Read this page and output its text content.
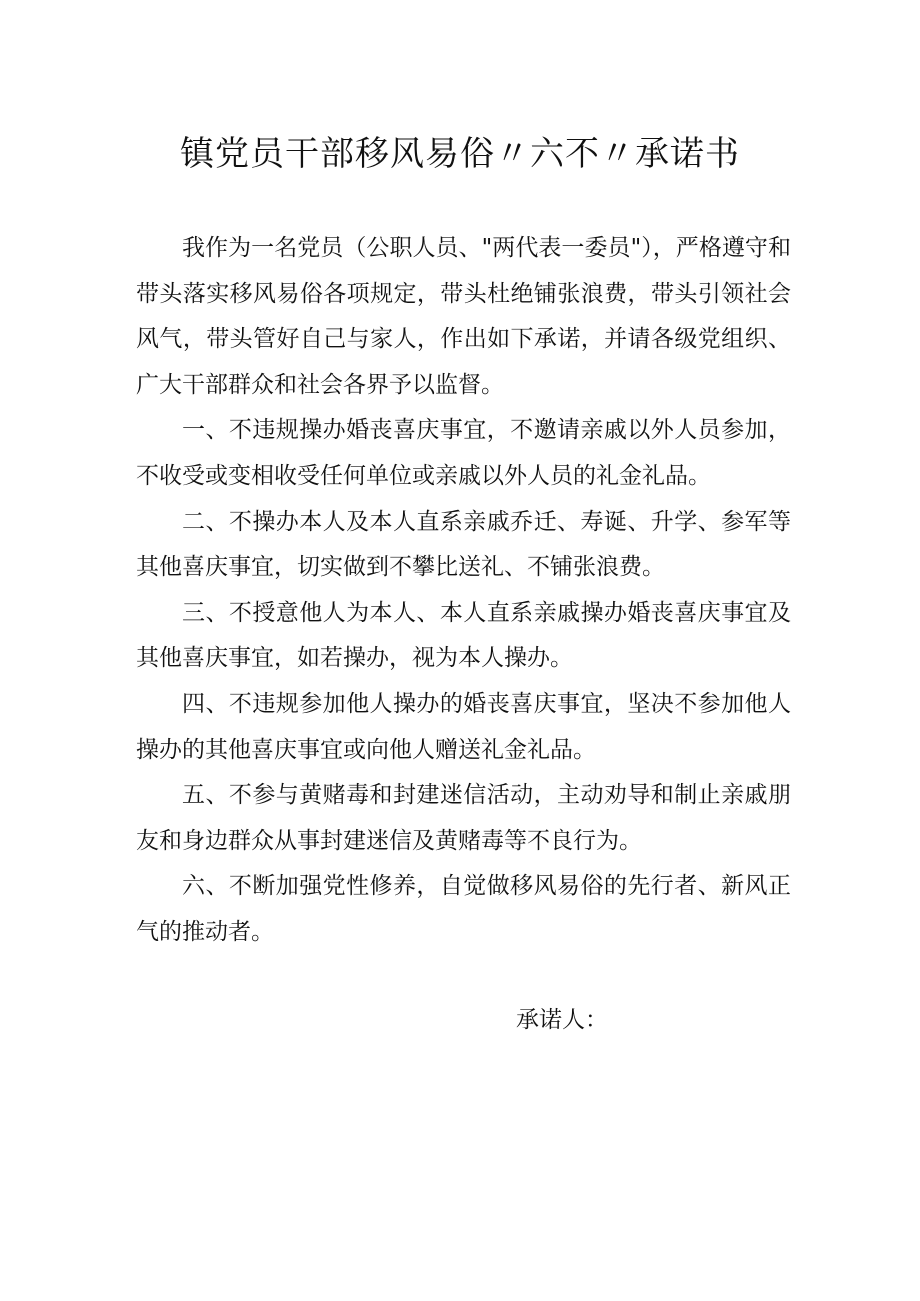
镇党员干部移风易俗〃六不〃承诺书

我作为一名党员（公职人员、"两代表一委员"），严格遵守和带头落实移风易俗各项规定，带头杜绝铺张浪费，带头引领社会风气，带头管好自己与家人，作出如下承诺，并请各级党组织、广大干部群众和社会各界予以监督。

一、不违规操办婚丧喜庆事宜，不邀请亲戚以外人员参加，不收受或变相收受任何单位或亲戚以外人员的礼金礼品。

二、不操办本人及本人直系亲戚乔迁、寿诞、升学、参军等其他喜庆事宜，切实做到不攀比送礼、不铺张浪费。

三、不授意他人为本人、本人直系亲戚操办婚丧喜庆事宜及其他喜庆事宜，如若操办，视为本人操办。

四、不违规参加他人操办的婚丧喜庆事宜，坚决不参加他人操办的其他喜庆事宜或向他人赠送礼金礼品。

五、不参与黄赌毒和封建迷信活动，主动劝导和制止亲戚朋友和身边群众从事封建迷信及黄赌毒等不良行为。

六、不断加强党性修养，自觉做移风易俗的先行者、新风正气的推动者。

承诺人：
